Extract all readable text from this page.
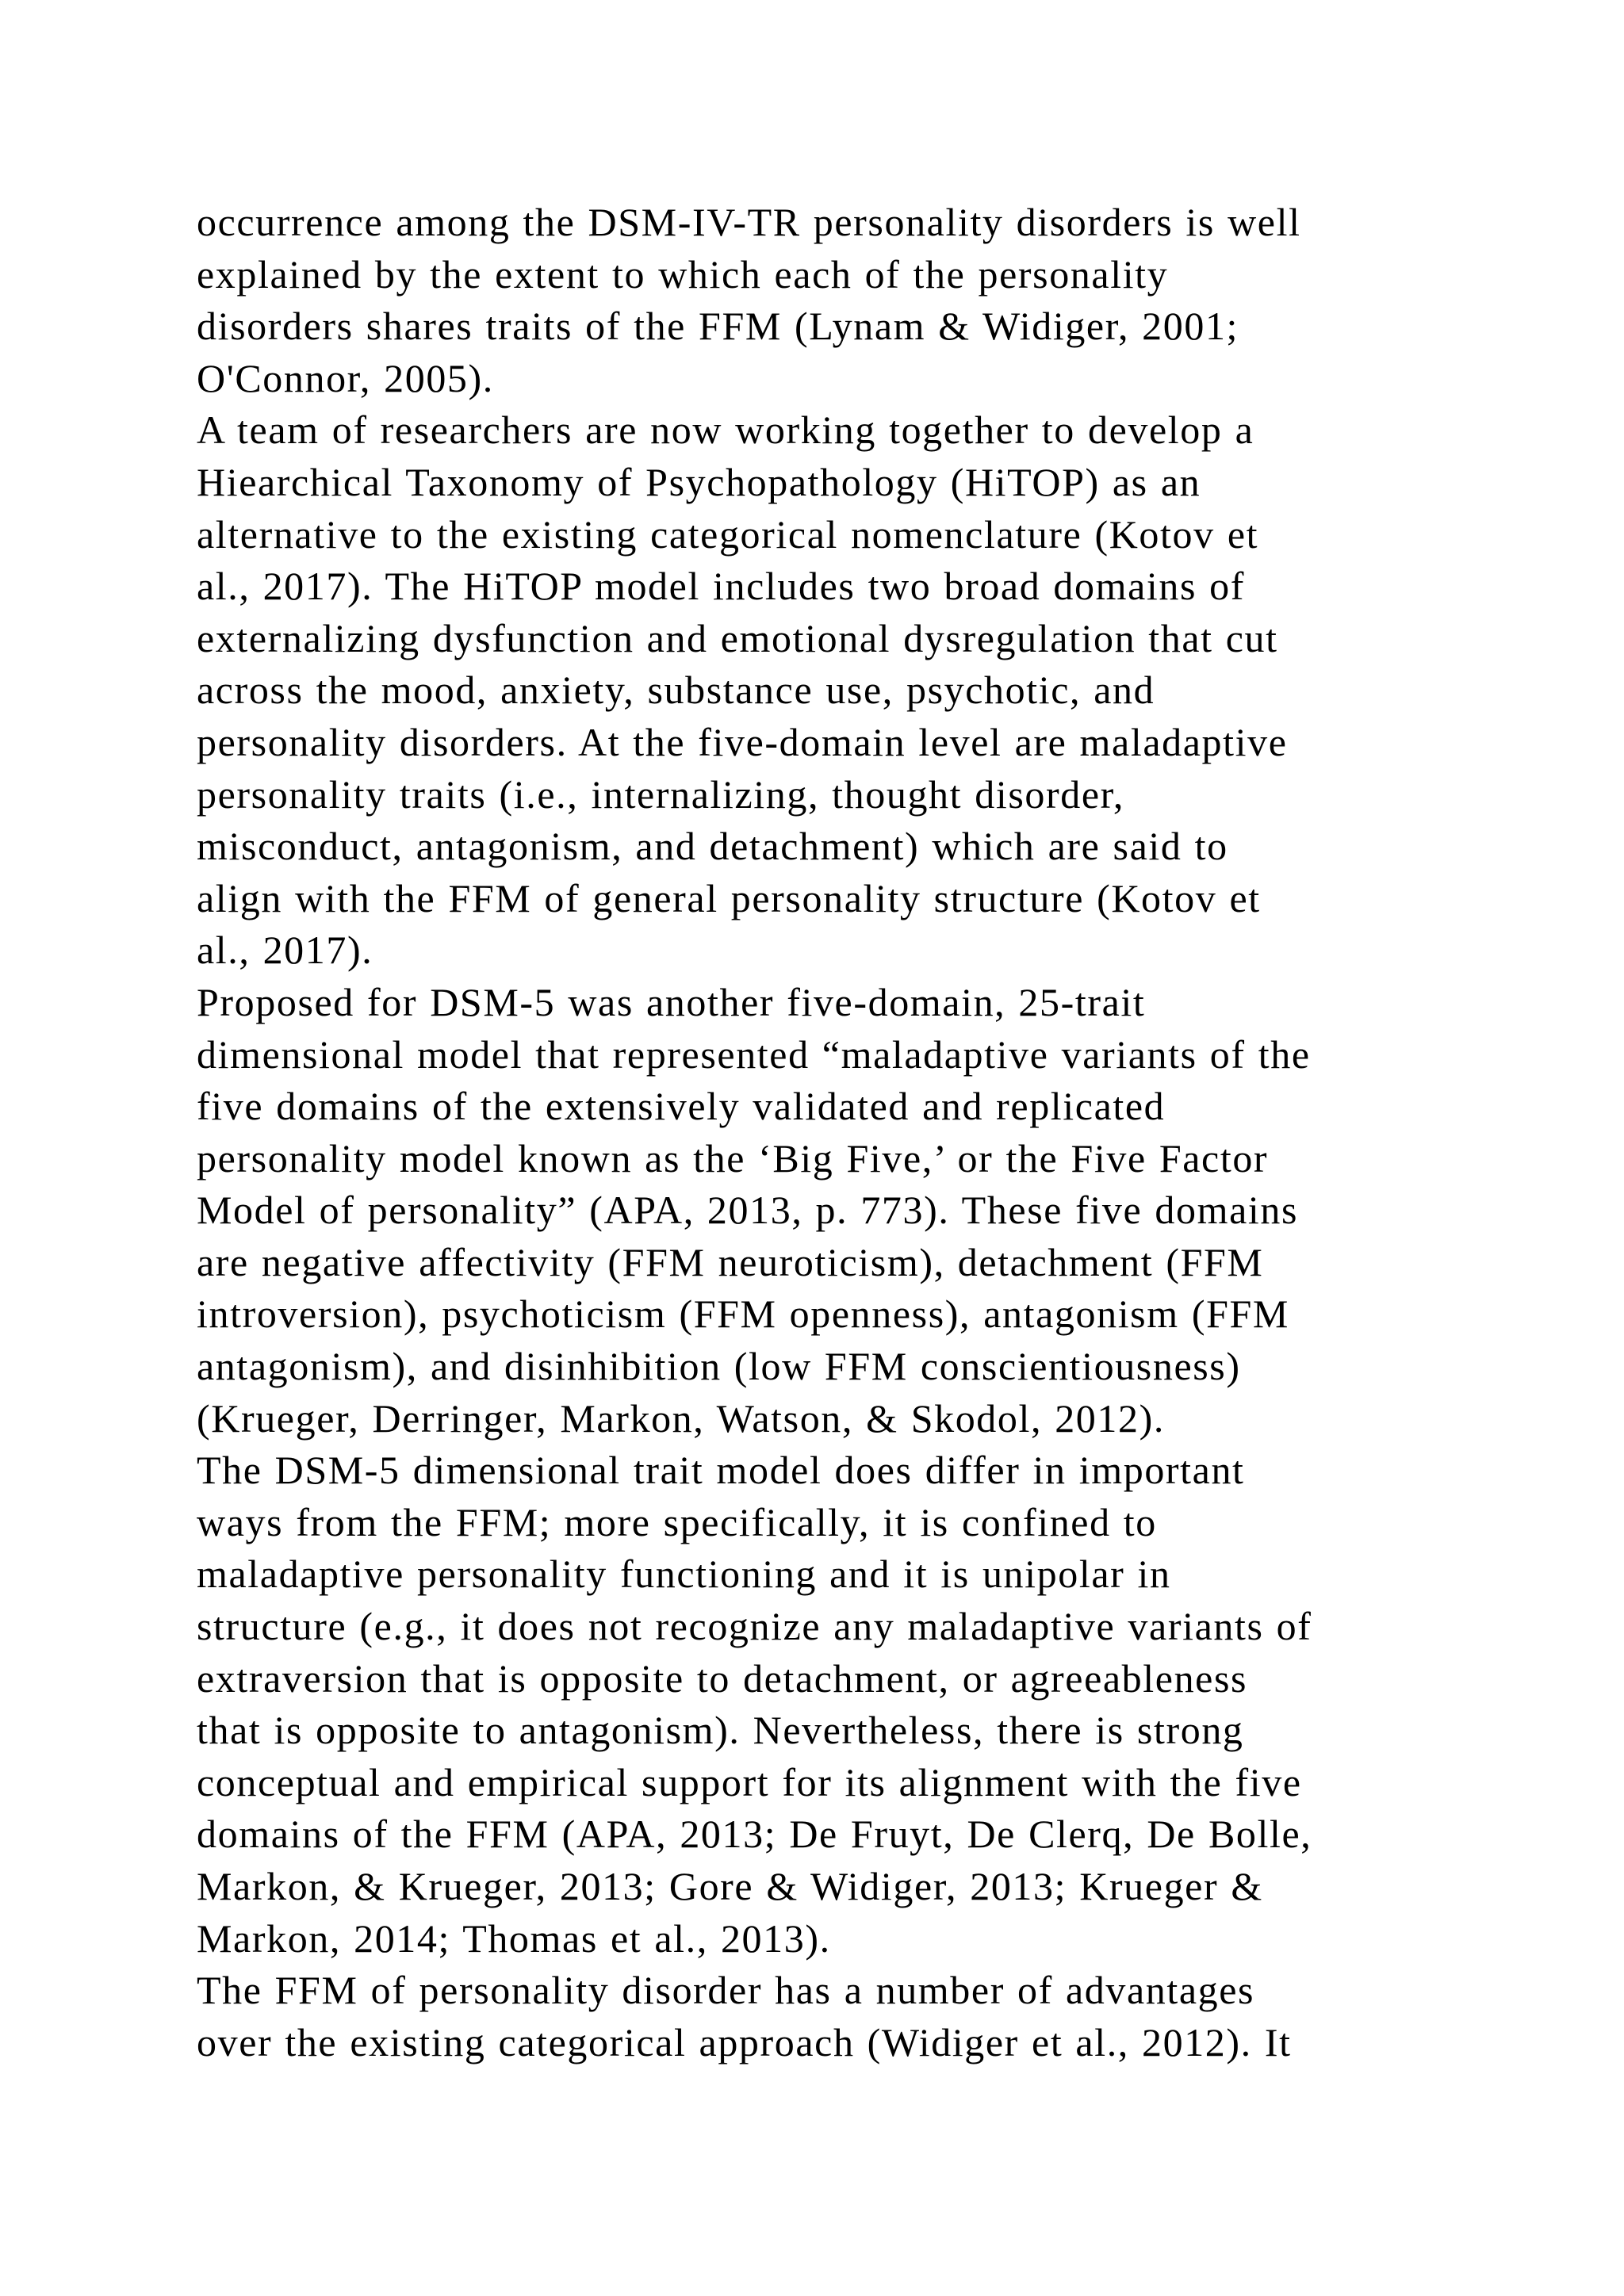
occurrence among the DSM-IV-TR personality disorders is well
explained by the extent to which each of the personality
disorders shares traits of the FFM (Lynam & Widiger, 2001;
O'Connor, 2005).
A team of researchers are now working together to develop a
Hiearchical Taxonomy of Psychopathology (HiTOP) as an
alternative to the existing categorical nomenclature (Kotov et
al., 2017). The HiTOP model includes two broad domains of
externalizing dysfunction and emotional dysregulation that cut
across the mood, anxiety, substance use, psychotic, and
personality disorders. At the five-domain level are maladaptive
personality traits (i.e., internalizing, thought disorder,
misconduct, antagonism, and detachment) which are said to
align with the FFM of general personality structure (Kotov et
al., 2017).
Proposed for DSM-5 was another five-domain, 25-trait
dimensional model that represented “maladaptive variants of the
five domains of the extensively validated and replicated
personality model known as the ‘Big Five,’ or the Five Factor
Model of personality” (APA, 2013, p. 773). These five domains
are negative affectivity (FFM neuroticism), detachment (FFM
introversion), psychoticism (FFM openness), antagonism (FFM
antagonism), and disinhibition (low FFM conscientiousness)
(Krueger, Derringer, Markon, Watson, & Skodol, 2012).
The DSM-5 dimensional trait model does differ in important
ways from the FFM; more specifically, it is confined to
maladaptive personality functioning and it is unipolar in
structure (e.g., it does not recognize any maladaptive variants of
extraversion that is opposite to detachment, or agreeableness
that is opposite to antagonism). Nevertheless, there is strong
conceptual and empirical support for its alignment with the five
domains of the FFM (APA, 2013; De Fruyt, De Clerq, De Bolle,
Markon, & Krueger, 2013; Gore & Widiger, 2013; Krueger &
Markon, 2014; Thomas et al., 2013).
The FFM of personality disorder has a number of advantages
over the existing categorical approach (Widiger et al., 2012). It
